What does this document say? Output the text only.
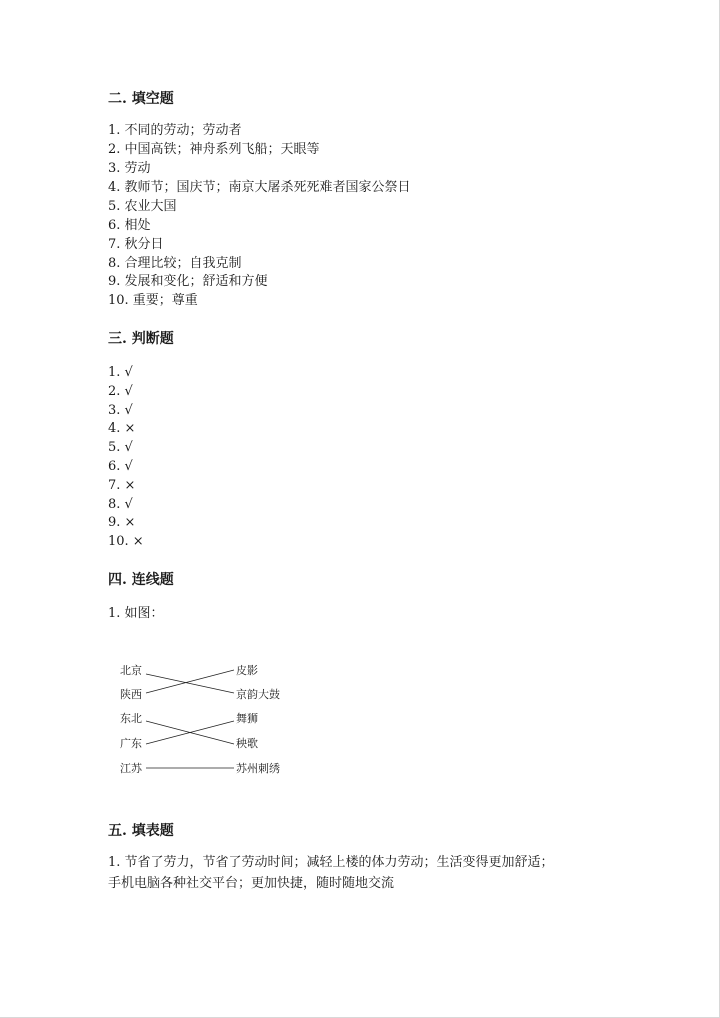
二. 填空题
1. 不同的劳动；劳动者
2. 中国高铁；神舟系列飞船；天眼等
3. 劳动
4. 教师节；国庆节；南京大屠杀死死难者国家公祭日
5. 农业大国
6. 相处
7. 秋分日
8. 合理比较；自我克制
9. 发展和变化；舒适和方便
10. 重要；尊重
三. 判断题
1. √
2. √
3. √
4. ×
5. √
6. √
7. ×
8. √
9. ×
10. ×
四. 连线题
1. 如图：
北京
陕西
东北
广东
江苏
皮影
京韵大鼓
舞狮
秧歌
苏州刺绣
五. 填表题
1. 节省了劳力，节省了劳动时间；减轻上楼的体力劳动；生活变得更加舒适；
手机电脑各种社交平台；更加快捷，随时随地交流
